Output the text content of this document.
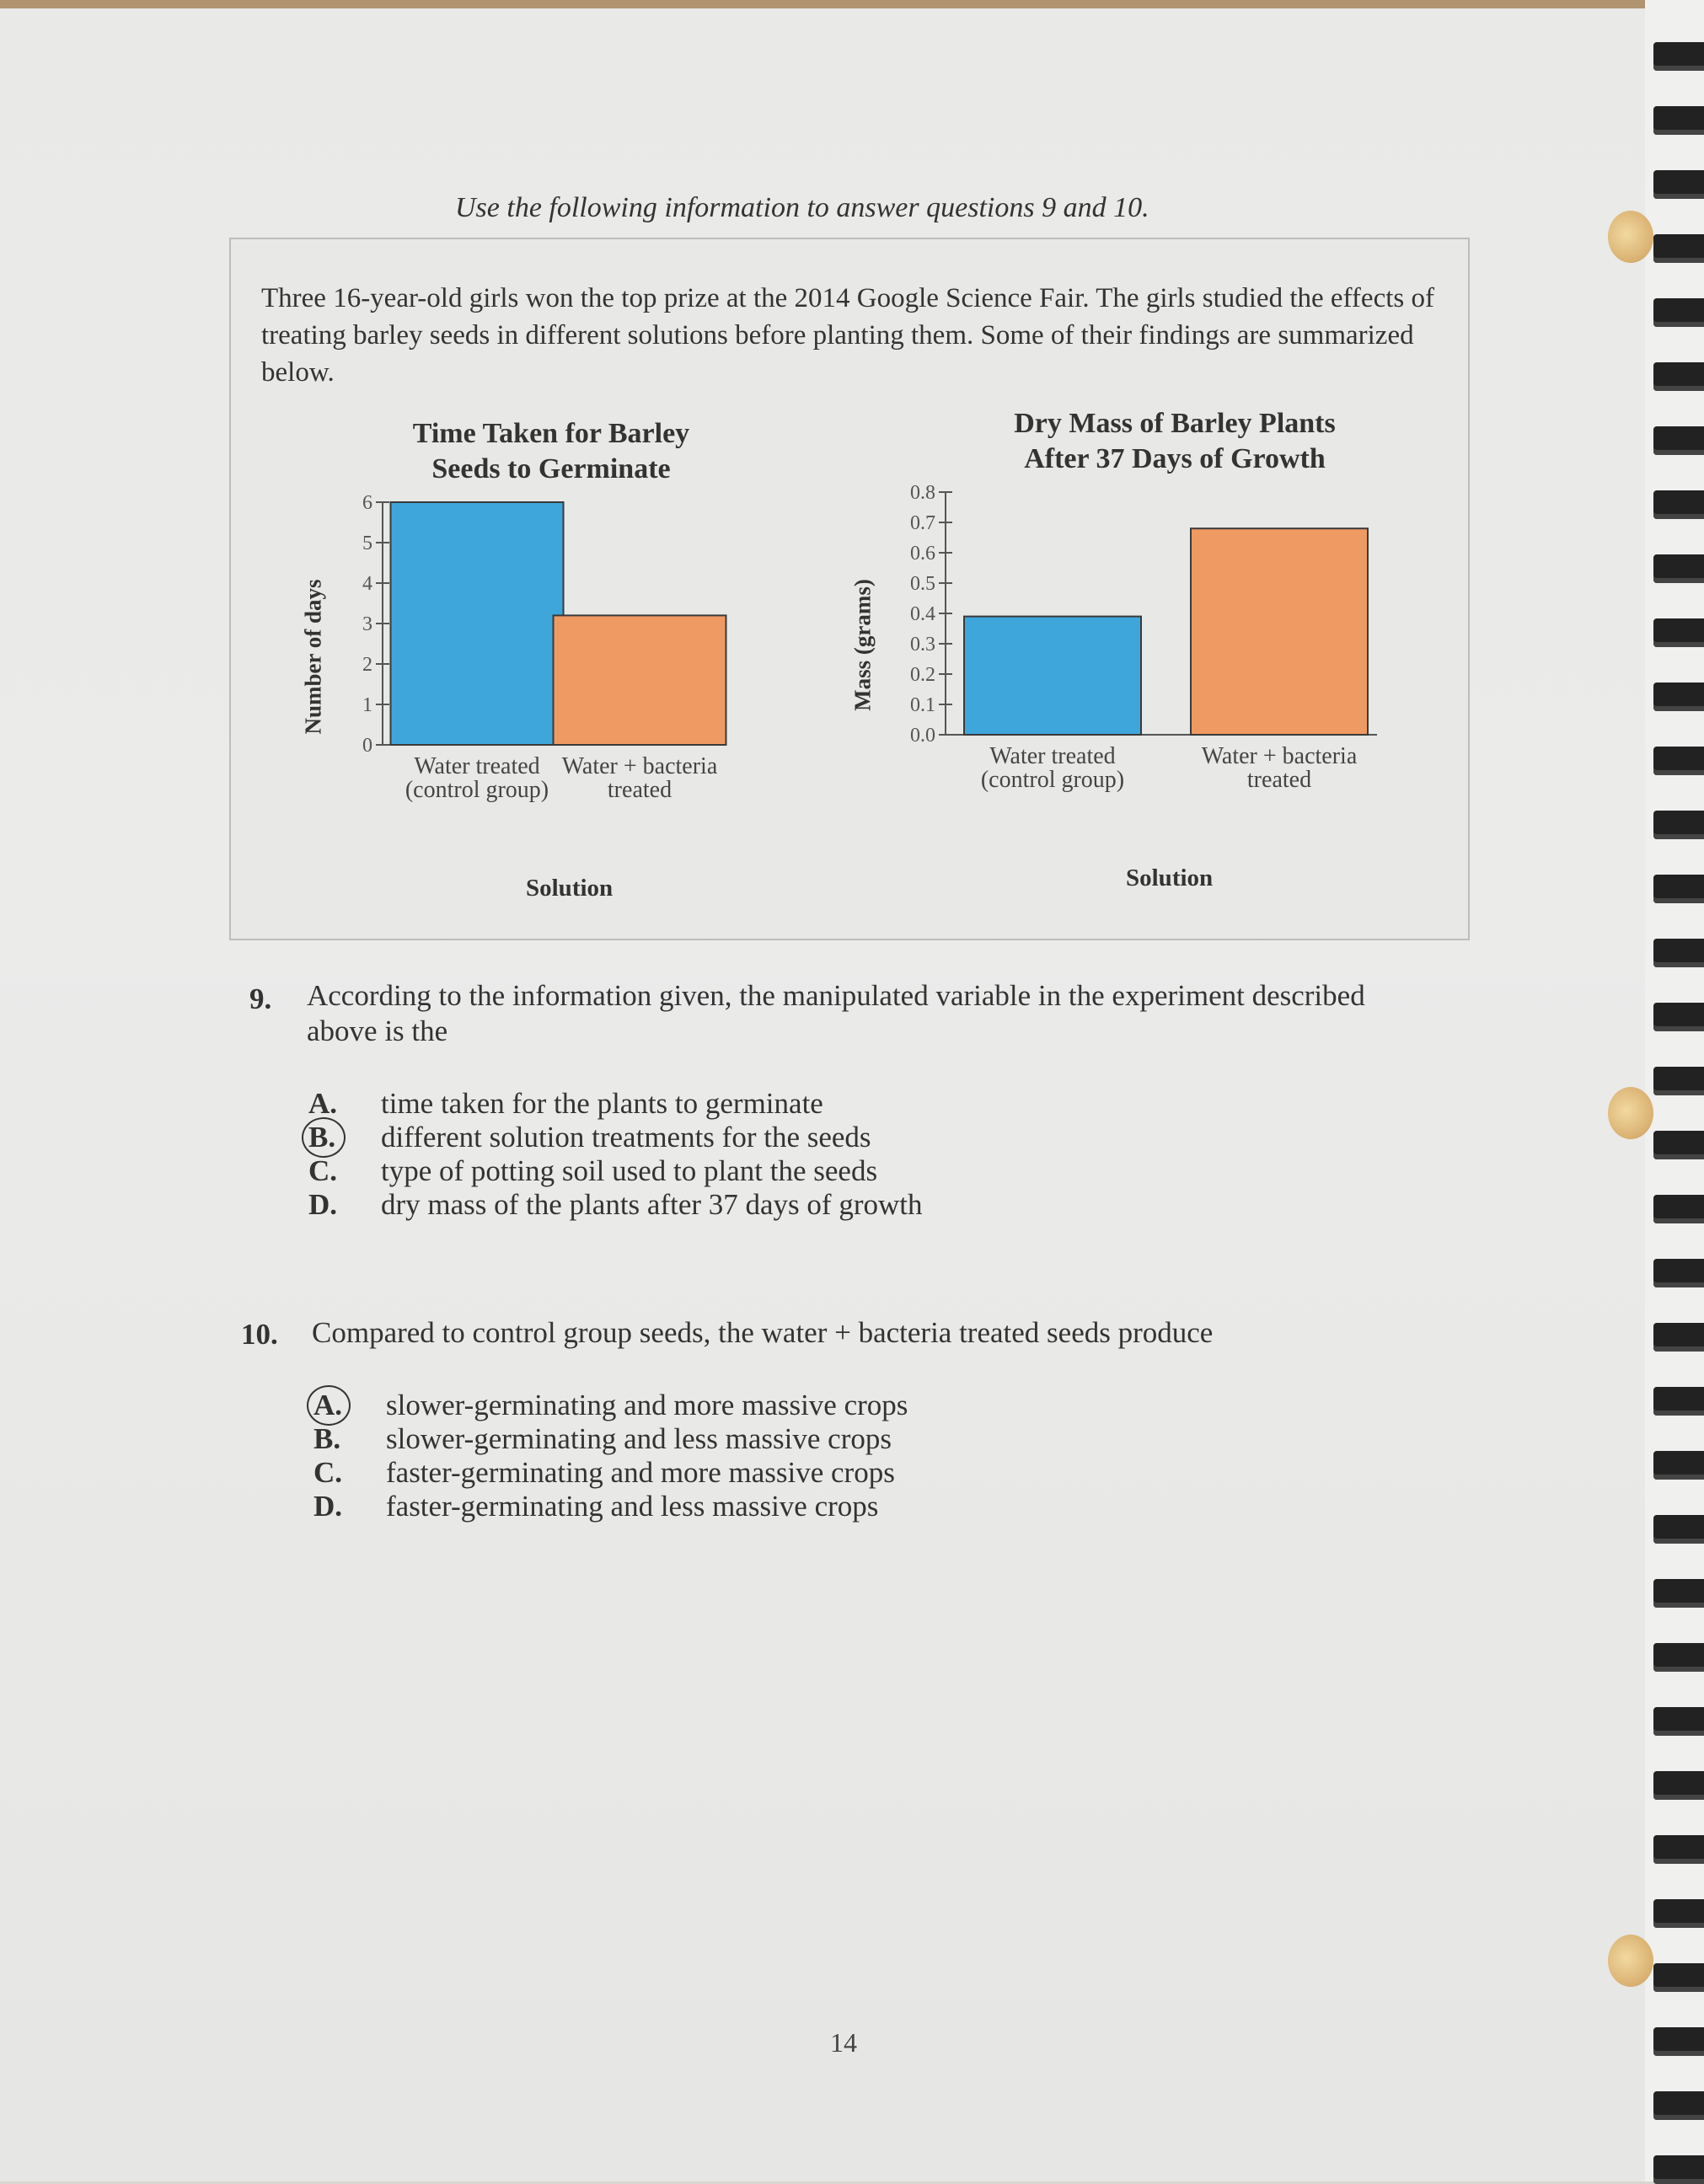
Use the following information to answer questions 9 and 10.
Three 16-year-old girls won the top prize at the 2014 Google Science Fair. The girls studied the effects of treating barley seeds in different solutions before planting them. Some of their findings are summarized below.
Time Taken for Barley
Seeds to Germinate
Number of days
0
1
2
3
4
5
6
Water treated
(control group)
Water + bacteria
treated
Solution
Dry Mass of Barley Plants
After 37 Days of Growth
Mass (grams)
0.0
0.1
0.2
0.3
0.4
0.5
0.6
0.7
0.8
Water treated
(control group)
Water + bacteria
treated
Solution
9. According to the information given, the manipulated variable in the experiment described
above is the
A.	time taken for the plants to germinate
B.	different solution treatments for the seeds
C.	type of potting soil used to plant the seeds
D.	dry mass of the plants after 37 days of growth
10. Compared to control group seeds, the water + bacteria treated seeds produce
A.	slower-germinating and more massive crops
B.	slower-germinating and less massive crops
C.	faster-germinating and more massive crops
D.	faster-germinating and less massive crops
14
